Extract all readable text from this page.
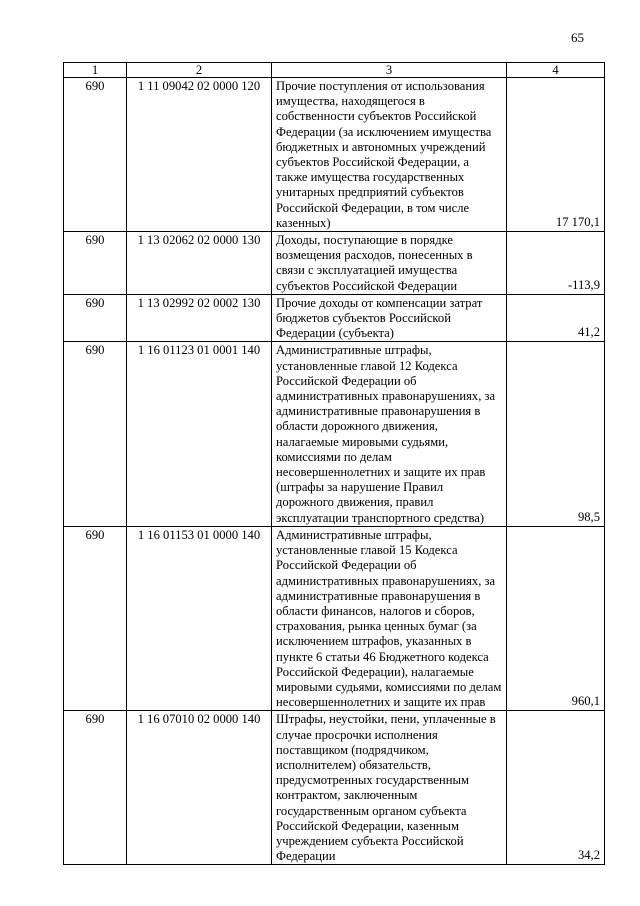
65
1	2	3	4
690	1 11 09042 02 0000 120	Прочие поступления от использования имущества, находящегося в собственности субъектов Российской Федерации (за исключением имущества бюджетных и автономных учреждений субъектов Российской Федерации, а также имущества государственных унитарных предприятий субъектов Российской Федерации, в том числе казенных)	17 170,1
690	1 13 02062 02 0000 130	Доходы, поступающие в порядке возмещения расходов, понесенных в связи с эксплуатацией имущества субъектов Российской Федерации	-113,9
690	1 13 02992 02 0002 130	Прочие доходы от компенсации затрат бюджетов субъектов Российской Федерации (субъекта)	41,2
690	1 16 01123 01 0001 140	Административные штрафы, установленные главой 12 Кодекса Российской Федерации об административных правонарушениях, за административные правонарушения в области дорожного движения, налагаемые мировыми судьями, комиссиями по делам несовершеннолетних и защите их прав (штрафы за нарушение Правил дорожного движения, правил эксплуатации транспортного средства)	98,5
690	1 16 01153 01 0000 140	Административные штрафы, установленные главой 15 Кодекса Российской Федерации об административных правонарушениях, за административные правонарушения в области финансов, налогов и сборов, страхования, рынка ценных бумаг (за исключением штрафов, указанных в пункте 6 статьи 46 Бюджетного кодекса Российской Федерации), налагаемые мировыми судьями, комиссиями по делам несовершеннолетних и защите их прав	960,1
690	1 16 07010 02 0000 140	Штрафы, неустойки, пени, уплаченные в случае просрочки исполнения поставщиком (подрядчиком, исполнителем) обязательств, предусмотренных государственным контрактом, заключенным государственным органом субъекта Российской Федерации, казенным учреждением субъекта Российской Федерации	34,2
